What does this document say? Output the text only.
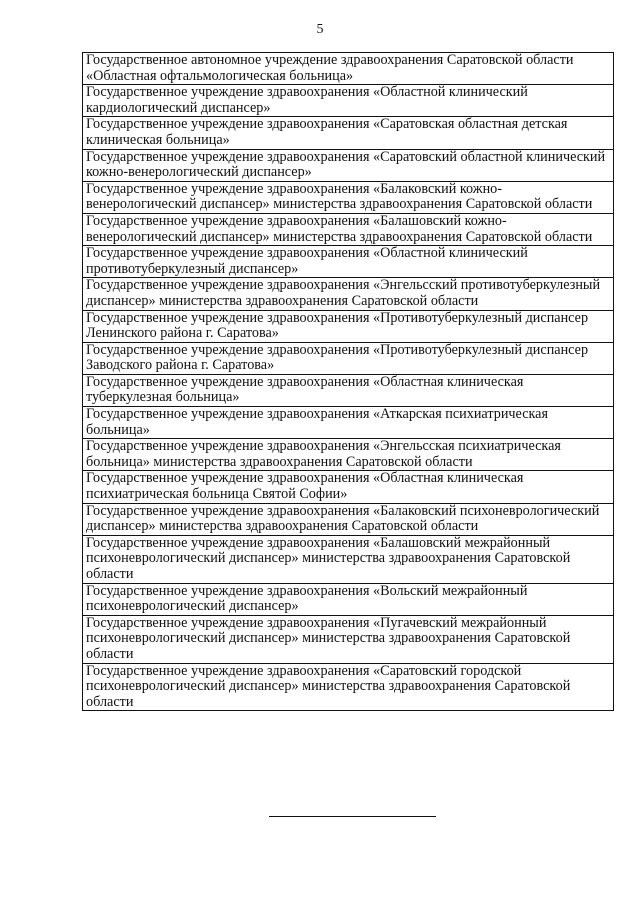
5
Государственное автономное учреждение здравоохранения Саратовской области «Областная офтальмологическая больница»
Государственное учреждение здравоохранения «Областной клинический кардиологический диспансер»
Государственное учреждение здравоохранения «Саратовская областная детская клиническая больница»
Государственное учреждение здравоохранения «Саратовский областной клинический кожно-венерологический диспансер»
Государственное учреждение здравоохранения «Балаковский кожно-венерологический диспансер» министерства здравоохранения Саратовской области
Государственное учреждение здравоохранения «Балашовский кожно-венерологический диспансер» министерства здравоохранения Саратовской области
Государственное учреждение здравоохранения «Областной клинический противотуберкулезный диспансер»
Государственное учреждение здравоохранения «Энгельсский противотуберкулезный диспансер» министерства здравоохранения Саратовской области
Государственное учреждение здравоохранения «Противотуберкулезный диспансер Ленинского района г. Саратова»
Государственное учреждение здравоохранения «Противотуберкулезный диспансер Заводского района г. Саратова»
Государственное учреждение здравоохранения «Областная клиническая туберкулезная больница»
Государственное учреждение здравоохранения «Аткарская психиатрическая больница»
Государственное учреждение здравоохранения «Энгельсская психиатрическая больница» министерства здравоохранения Саратовской области
Государственное учреждение здравоохранения «Областная клиническая психиатрическая больница Святой Софии»
Государственное учреждение здравоохранения «Балаковский психоневрологический диспансер» министерства здравоохранения Саратовской области
Государственное учреждение здравоохранения «Балашовский межрайонный психоневрологический диспансер» министерства здравоохранения Саратовской области
Государственное учреждение здравоохранения «Вольский межрайонный психоневрологический диспансер»
Государственное учреждение здравоохранения «Пугачевский межрайонный психоневрологический диспансер» министерства здравоохранения Саратовской области
Государственное учреждение здравоохранения «Саратовский городской психоневрологический диспансер» министерства здравоохранения Саратовской области
